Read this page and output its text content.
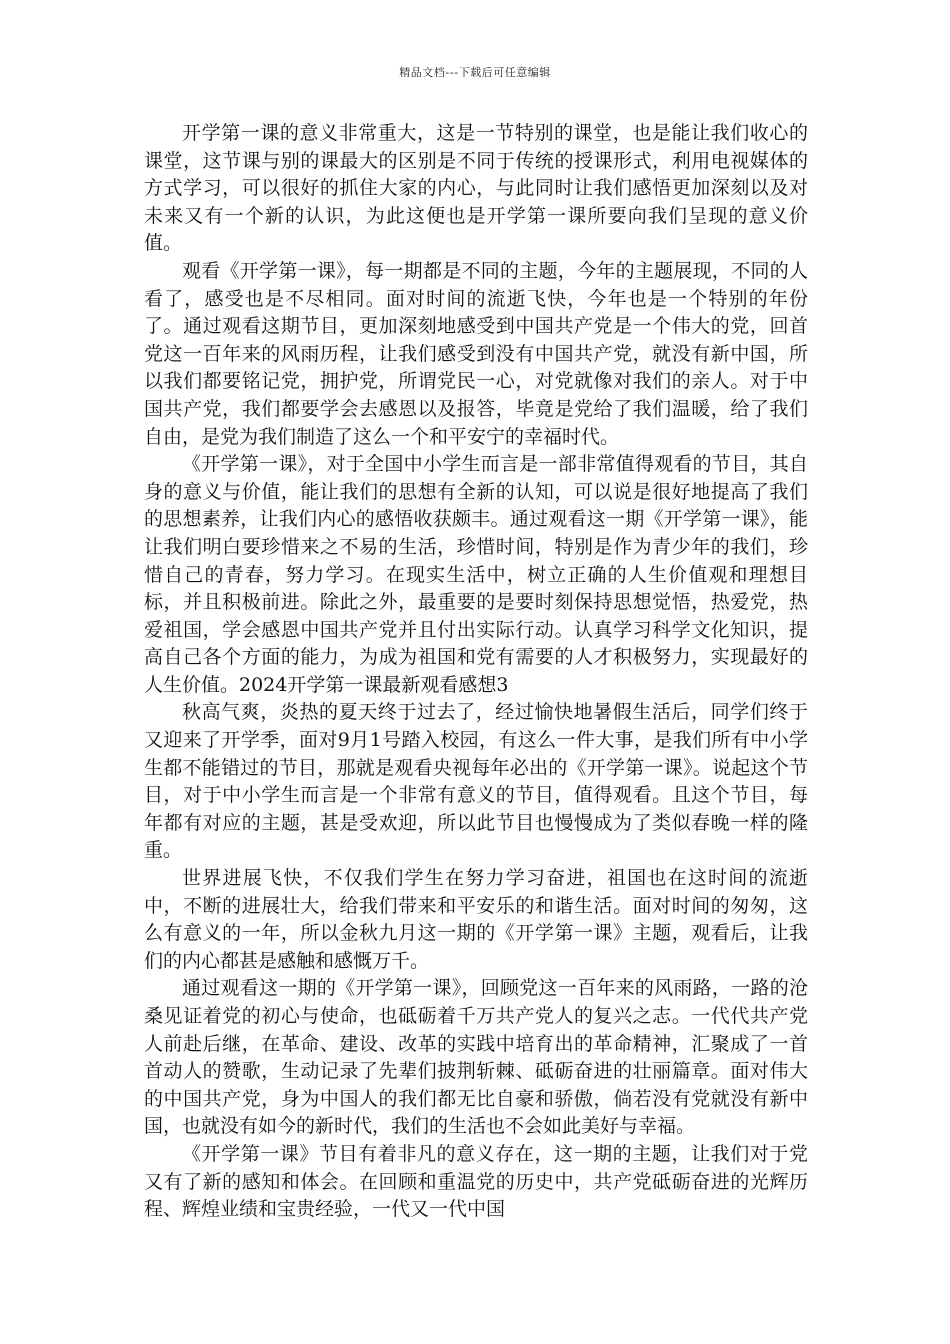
精品文档---下载后可任意编辑

开学第一课的意义非常重大，这是一节特别的课堂，也是能让我们收心的课堂，这节课与别的课最大的区别是不同于传统的授课形式，利用电视媒体的方式学习，可以很好的抓住大家的内心，与此同时让我们感悟更加深刻以及对未来又有一个新的认识，为此这便也是开学第一课所要向我们呈现的意义价值。

观看《开学第一课》，每一期都是不同的主题，今年的主题展现，不同的人看了，感受也是不尽相同。面对时间的流逝飞快，今年也是一个特别的年份了。通过观看这期节目，更加深刻地感受到中国共产党是一个伟大的党，回首党这一百年来的风雨历程，让我们感受到没有中国共产党，就没有新中国，所以我们都要铭记党，拥护党，所谓党民一心，对党就像对我们的亲人。对于中国共产党，我们都要学会去感恩以及报答，毕竟是党给了我们温暖，给了我们自由，是党为我们制造了这么一个和平安宁的幸福时代。

《开学第一课》，对于全国中小学生而言是一部非常值得观看的节目，其自身的意义与价值，能让我们的思想有全新的认知，可以说是很好地提高了我们的思想素养，让我们内心的感悟收获颇丰。通过观看这一期《开学第一课》，能让我们明白要珍惜来之不易的生活，珍惜时间，特别是作为青少年的我们，珍惜自己的青春，努力学习。在现实生活中，树立正确的人生价值观和理想目标，并且积极前进。除此之外，最重要的是要时刻保持思想觉悟，热爱党，热爱祖国，学会感恩中国共产党并且付出实际行动。认真学习科学文化知识，提高自己各个方面的能力，为成为祖国和党有需要的人才积极努力，实现最好的人生价值。2024开学第一课最新观看感想3

秋高气爽，炎热的夏天终于过去了，经过愉快地暑假生活后，同学们终于又迎来了开学季，面对9月1号踏入校园，有这么一件大事，是我们所有中小学生都不能错过的节目，那就是观看央视每年必出的《开学第一课》。说起这个节目，对于中小学生而言是一个非常有意义的节目，值得观看。且这个节目，每年都有对应的主题，甚是受欢迎，所以此节目也慢慢成为了类似春晚一样的隆重。

世界进展飞快，不仅我们学生在努力学习奋进，祖国也在这时间的流逝中，不断的进展壮大，给我们带来和平安乐的和谐生活。面对时间的匆匆，这么有意义的一年，所以金秋九月这一期的《开学第一课》主题，观看后，让我们的内心都甚是感触和感慨万千。

通过观看这一期的《开学第一课》，回顾党这一百年来的风雨路，一路的沧桑见证着党的初心与使命，也砥砺着千万共产党人的复兴之志。一代代共产党人前赴后继，在革命、建设、改革的实践中培育出的革命精神，汇聚成了一首首动人的赞歌，生动记录了先辈们披荆斩棘、砥砺奋进的壮丽篇章。面对伟大的中国共产党，身为中国人的我们都无比自豪和骄傲，倘若没有党就没有新中国，也就没有如今的新时代，我们的生活也不会如此美好与幸福。

《开学第一课》节目有着非凡的意义存在，这一期的主题，让我们对于党又有了新的感知和体会。在回顾和重温党的历史中，共产党砥砺奋进的光辉历程、辉煌业绩和宝贵经验，一代又一代中国
